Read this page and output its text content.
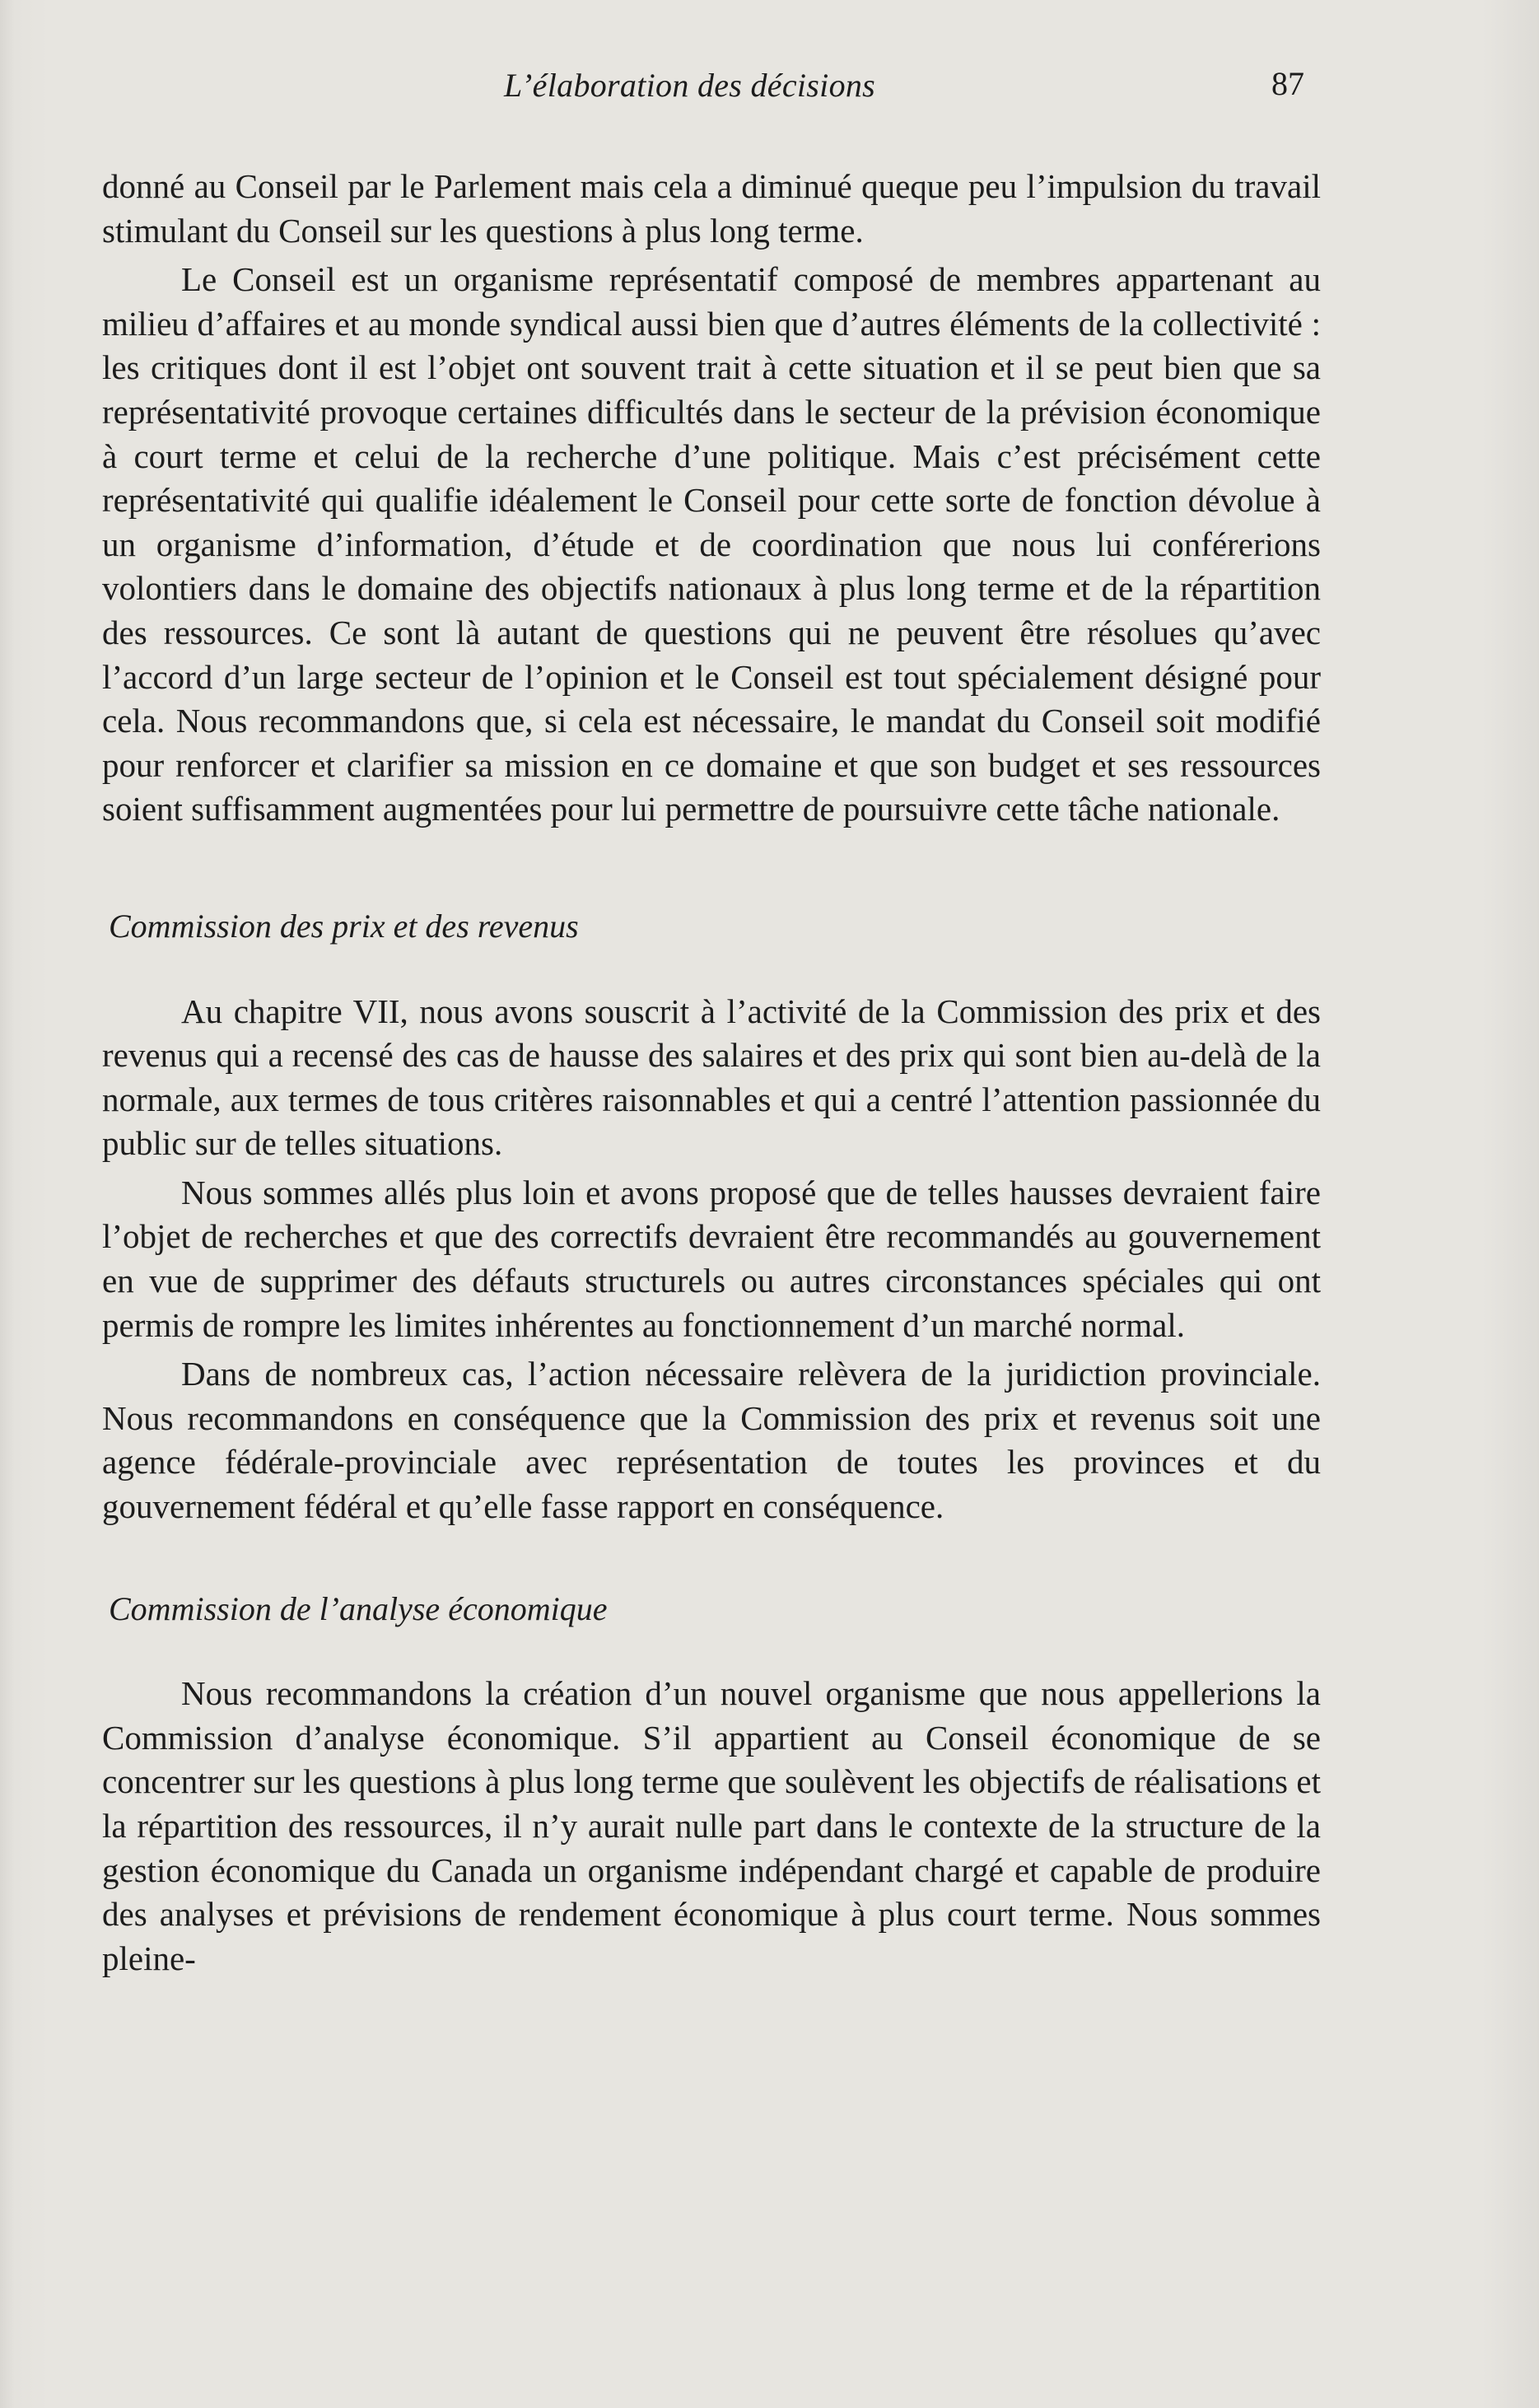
L’élaboration des décisions	87

donné au Conseil par le Parlement mais cela a diminué queque peu l’impulsion du travail stimulant du Conseil sur les questions à plus long terme.

Le Conseil est un organisme représentatif composé de membres appartenant au milieu d’affaires et au monde syndical aussi bien que d’autres éléments de la collectivité : les critiques dont il est l’objet ont souvent trait à cette situation et il se peut bien que sa représentativité provoque certaines difficultés dans le secteur de la prévision économique à court terme et celui de la recherche d’une politique. Mais c’est précisément cette représentativité qui qualifie idéalement le Conseil pour cette sorte de fonction dévolue à un organisme d’information, d’étude et de coordination que nous lui conférerions volontiers dans le domaine des objectifs nationaux à plus long terme et de la répartition des ressources. Ce sont là autant de questions qui ne peuvent être résolues qu’avec l’accord d’un large secteur de l’opinion et le Conseil est tout spécialement désigné pour cela. Nous recommandons que, si cela est nécessaire, le mandat du Conseil soit modifié pour renforcer et clarifier sa mission en ce domaine et que son budget et ses ressources soient suffisamment augmentées pour lui permettre de poursuivre cette tâche nationale.

Commission des prix et des revenus

Au chapitre VII, nous avons souscrit à l’activité de la Commission des prix et des revenus qui a recensé des cas de hausse des salaires et des prix qui sont bien au-delà de la normale, aux termes de tous critères raisonnables et qui a centré l’attention passionnée du public sur de telles situations.

Nous sommes allés plus loin et avons proposé que de telles hausses devraient faire l’objet de recherches et que des correctifs devraient être recommandés au gouvernement en vue de supprimer des défauts structurels ou autres circonstances spéciales qui ont permis de rompre les limites inhérentes au fonctionnement d’un marché normal.

Dans de nombreux cas, l’action nécessaire relèvera de la juridiction provinciale. Nous recommandons en conséquence que la Commission des prix et revenus soit une agence fédérale-provinciale avec représentation de toutes les provinces et du gouvernement fédéral et qu’elle fasse rapport en conséquence.

Commission de l’analyse économique

Nous recommandons la création d’un nouvel organisme que nous appellerions la Commission d’analyse économique. S’il appartient au Conseil économique de se concentrer sur les questions à plus long terme que soulèvent les objectifs de réalisations et la répartition des ressources, il n’y aurait nulle part dans le contexte de la structure de la gestion économique du Canada un organisme indépendant chargé et capable de produire des analyses et prévisions de rendement économique à plus court terme. Nous sommes pleine-
